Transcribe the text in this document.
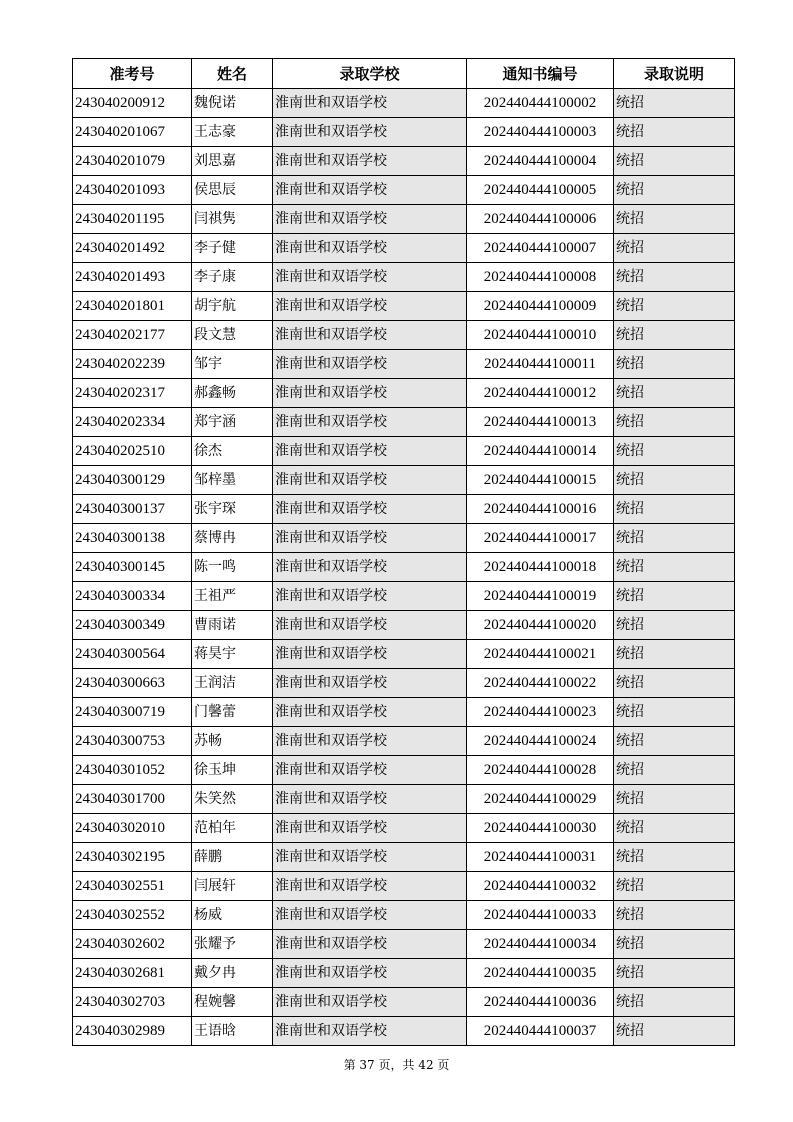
准考号	姓名	录取学校	通知书编号	录取说明
243040200912	魏倪诺	淮南世和双语学校	202440444100002	统招
243040201067	王志豪	淮南世和双语学校	202440444100003	统招
243040201079	刘思嘉	淮南世和双语学校	202440444100004	统招
243040201093	侯思辰	淮南世和双语学校	202440444100005	统招
243040201195	闫祺隽	淮南世和双语学校	202440444100006	统招
243040201492	李子健	淮南世和双语学校	202440444100007	统招
243040201493	李子康	淮南世和双语学校	202440444100008	统招
243040201801	胡宇航	淮南世和双语学校	202440444100009	统招
243040202177	段文慧	淮南世和双语学校	202440444100010	统招
243040202239	邹宇	淮南世和双语学校	202440444100011	统招
243040202317	郝鑫畅	淮南世和双语学校	202440444100012	统招
243040202334	郑宇涵	淮南世和双语学校	202440444100013	统招
243040202510	徐杰	淮南世和双语学校	202440444100014	统招
243040300129	邹梓墨	淮南世和双语学校	202440444100015	统招
243040300137	张宇琛	淮南世和双语学校	202440444100016	统招
243040300138	蔡博冉	淮南世和双语学校	202440444100017	统招
243040300145	陈一鸣	淮南世和双语学校	202440444100018	统招
243040300334	王祖严	淮南世和双语学校	202440444100019	统招
243040300349	曹雨诺	淮南世和双语学校	202440444100020	统招
243040300564	蒋昊宇	淮南世和双语学校	202440444100021	统招
243040300663	王润洁	淮南世和双语学校	202440444100022	统招
243040300719	门馨蕾	淮南世和双语学校	202440444100023	统招
243040300753	苏畅	淮南世和双语学校	202440444100024	统招
243040301052	徐玉坤	淮南世和双语学校	202440444100028	统招
243040301700	朱笑然	淮南世和双语学校	202440444100029	统招
243040302010	范柏年	淮南世和双语学校	202440444100030	统招
243040302195	薛鹏	淮南世和双语学校	202440444100031	统招
243040302551	闫展轩	淮南世和双语学校	202440444100032	统招
243040302552	杨威	淮南世和双语学校	202440444100033	统招
243040302602	张耀予	淮南世和双语学校	202440444100034	统招
243040302681	戴夕冉	淮南世和双语学校	202440444100035	统招
243040302703	程婉馨	淮南世和双语学校	202440444100036	统招
243040302989	王语晗	淮南世和双语学校	202440444100037	统招
第 37 页，共 42 页
